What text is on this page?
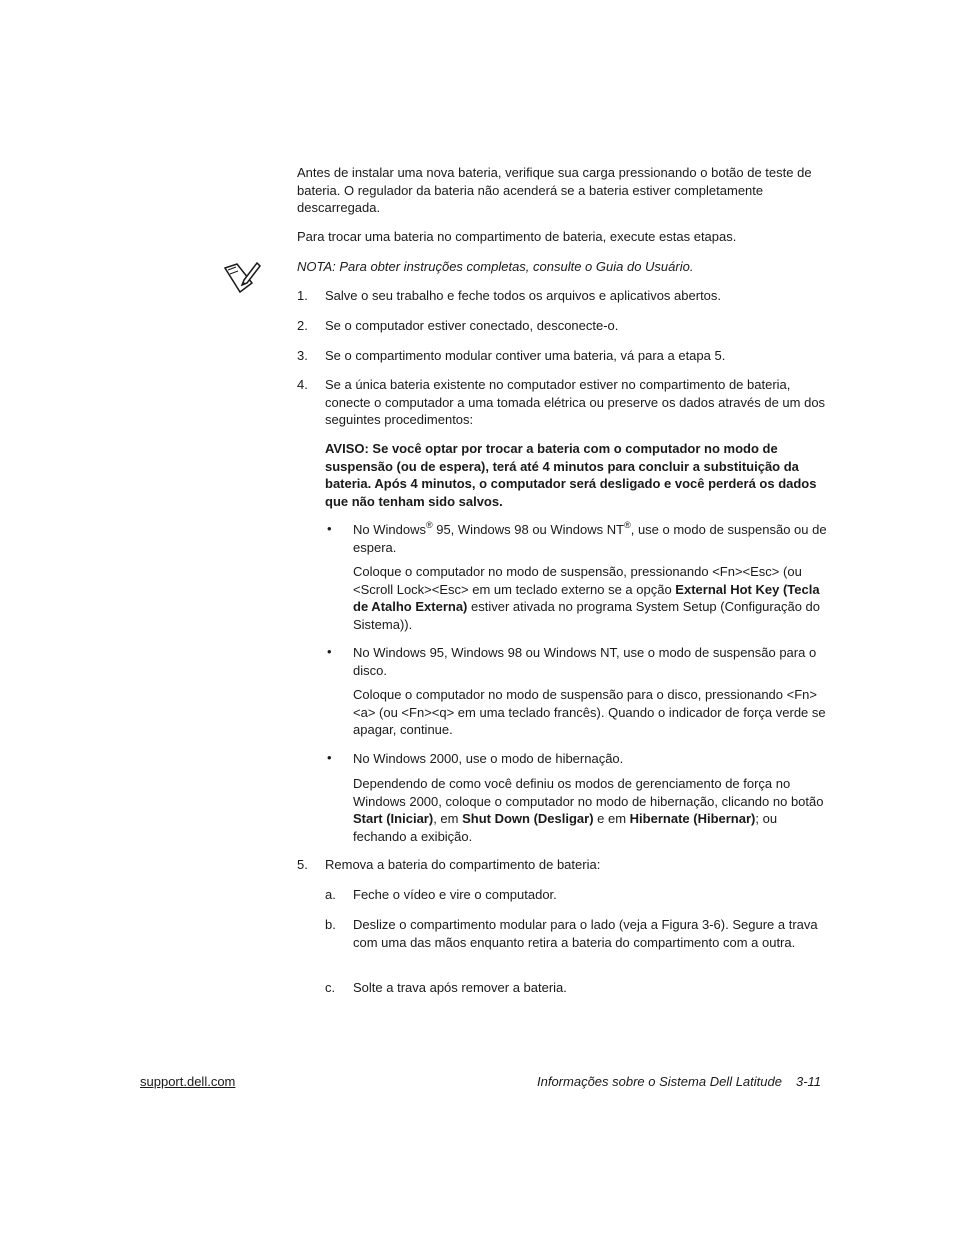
Antes de instalar uma nova bateria, verifique sua carga pressionando o botão de teste de bateria. O regulador da bateria não acenderá se a bateria estiver completamente descarregada.

Para trocar uma bateria no compartimento de bateria, execute estas etapas.

NOTA: Para obter instruções completas, consulte o Guia do Usuário.

1. Salve o seu trabalho e feche todos os arquivos e aplicativos abertos.

2. Se o computador estiver conectado, desconecte-o.

3. Se o compartimento modular contiver uma bateria, vá para a etapa 5.

4. Se a única bateria existente no computador estiver no compartimento de bateria, conecte o computador a uma tomada elétrica ou preserve os dados através de um dos seguintes procedimentos:

AVISO: Se você optar por trocar a bateria com o computador no modo de suspensão (ou de espera), terá até 4 minutos para concluir a substituição da bateria. Após 4 minutos, o computador será desligado e você perderá os dados que não tenham sido salvos.

• No Windows® 95, Windows 98 ou Windows NT®, use o modo de suspensão ou de espera.

Coloque o computador no modo de suspensão, pressionando <Fn><Esc> (ou <Scroll Lock><Esc> em um teclado externo se a opção External Hot Key (Tecla de Atalho Externa) estiver ativada no programa System Setup (Configuração do Sistema)).

• No Windows 95, Windows 98 ou Windows NT, use o modo de suspensão para o disco.

Coloque o computador no modo de suspensão para o disco, pressionando <Fn><a> (ou <Fn><q> em uma teclado francês). Quando o indicador de força verde se apagar, continue.

• No Windows 2000, use o modo de hibernação.

Dependendo de como você definiu os modos de gerenciamento de força no Windows 2000, coloque o computador no modo de hibernação, clicando no botão Start (Iniciar), em Shut Down (Desligar) e em Hibernate (Hibernar); ou fechando a exibição.

5. Remova a bateria do compartimento de bateria:

a. Feche o vídeo e vire o computador.

b. Deslize o compartimento modular para o lado (veja a Figura 3-6). Segure a trava com uma das mãos enquanto retira a bateria do compartimento com a outra.

c. Solte a trava após remover a bateria.

support.dell.com	Informações sobre o Sistema Dell Latitude 3-11
